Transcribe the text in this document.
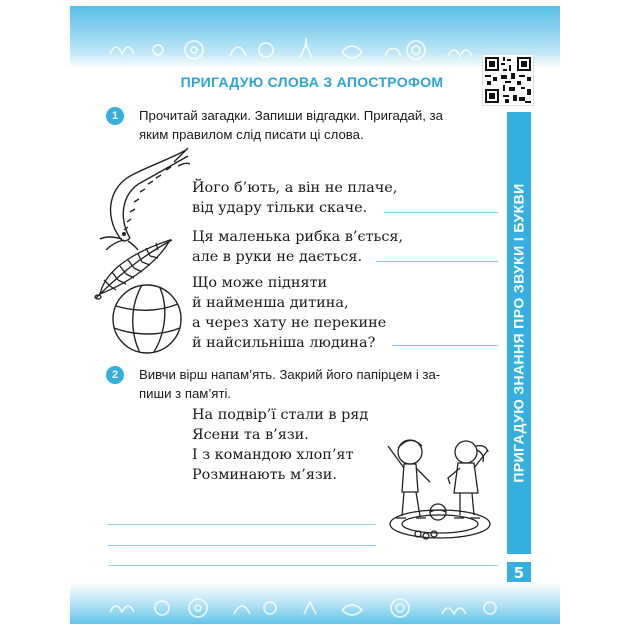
ПРИГАДУЮ СЛОВА З АПОСТРОФОМ
1	Прочитай загадки. Запиши відгадки. Пригадай, за
яким правилом слід писати ці слова.
Його б’ють, а він не плаче,
від удару тільки скаче.
Ця маленька рибка в’ється,
але в руки не дається.
Що може підняти
й найменша дитина,
а через хату не перекине
й найсильніша людина?
2	Вивчи вірш напам’ять. Закрий його папірцем і за-
пиши з пам’яті.
На подвір’ї стали в ряд
Ясени та в’язи.
І з командою хлоп’ят
Розминають м’язи.	ПРИГАДУЮ ЗНАННЯ ПРО ЗВУКИ І БУКВИ
5
